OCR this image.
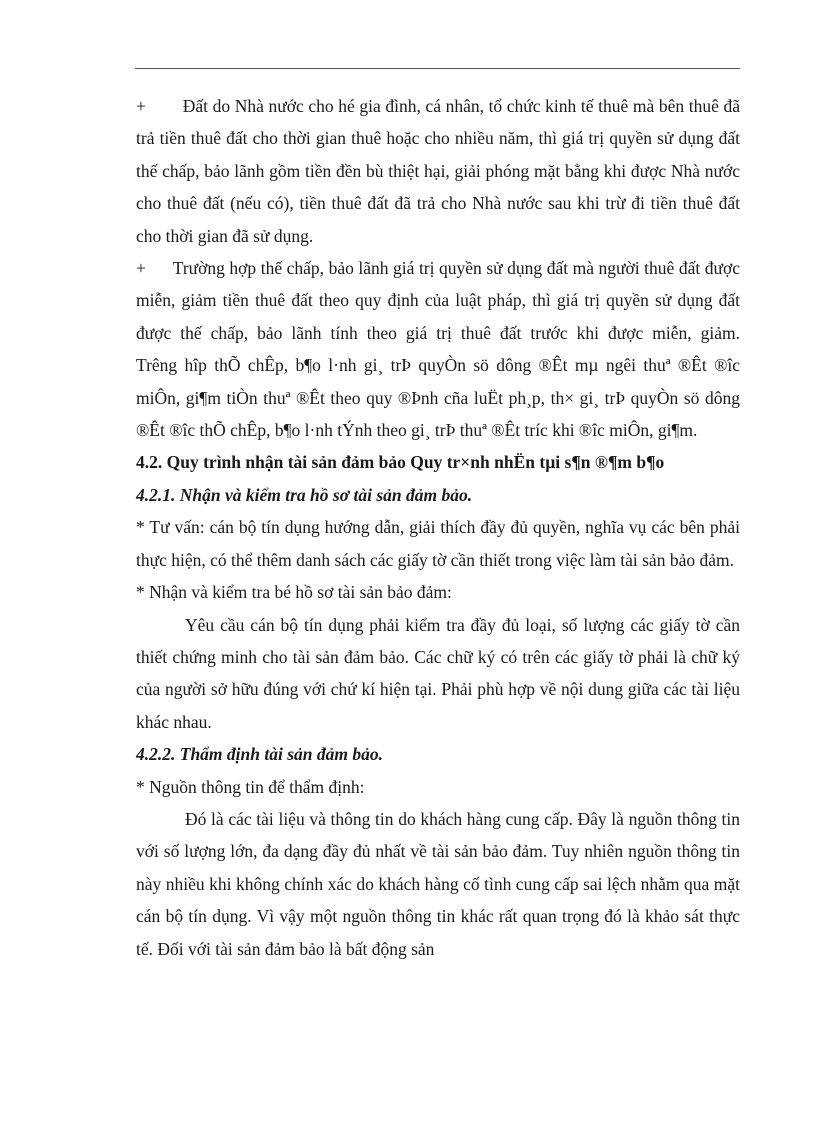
+        Đất do Nhà nước cho hé gia đình, cá nhân, tổ chức kinh tế thuê mà bên thuê đã trả tiền thuê đất cho thời gian thuê hoặc cho nhiều năm, thì giá trị quyền sử dụng đất thế chấp, bảo lãnh gồm tiền đền bù thiệt hại, giải phóng mặt bằng khi được Nhà nước cho thuê đất (nếu có), tiền thuê đất đã trả cho Nhà nước sau khi trừ đi tiền thuê đất cho thời gian đã sử dụng.

+      Trường hợp thế chấp, bảo lãnh giá trị quyền sử dụng đất mà người thuê đất được miễn, giảm tiền thuê đất theo quy định của luật pháp, thì giá trị quyền sử dụng đất được thế chấp, bảo lãnh tính theo giá trị thuê đất trước khi được miễn, giảm.        Trêng hîp thÕ chÊp, b¶o l·nh gi¸ trÞ quyÒn sö dông ®Êt mµ ngêi thuª ®Êt ®îc miÔn, gi¶m tiÒn thuª ®Êt theo quy ®Þnh cña luËt ph¸p, th× gi¸ trÞ quyÒn sö dông ®Êt ®îc thÕ chÊp, b¶o l·nh tÝnh theo gi¸ trÞ thuª ®Êt tríc khi ®îc miÔn, gi¶m.

4.2. Quy trình nhận tài sản đảm bảo Quy tr×nh nhËn tµi s¶n ®¶m b¶o

4.2.1. Nhận và kiểm tra hồ sơ tài sản đảm bảo.

* Tư vấn: cán bộ tín dụng hướng dẫn, giải thích đầy đủ quyền, nghĩa vụ các bên phải thực hiện, có thể thêm danh sách các giấy tờ cần thiết trong việc làm tài sản bảo đảm.

* Nhận và kiểm tra bé hồ sơ tài sản bảo đảm:

Yêu cầu cán bộ tín dụng phải kiểm tra đầy đủ loại, số lượng các giấy tờ cần thiết chứng minh cho tài sản đảm bảo. Các chữ ký có trên các giấy tờ phải là chữ ký của người sở hữu đúng với chứ kí hiện tại. Phải phù hợp về nội dung giữa các tài liệu khác nhau.

4.2.2. Thẩm định tài sản đảm bảo.

* Nguồn thông tin để thẩm định:

Đó là các tài liệu và thông tin do khách hàng cung cấp. Đây là nguồn thông tin với số lượng lớn, đa dạng đầy đủ nhất về tài sản bảo đảm. Tuy nhiên nguồn thông tin này nhiều khi không chính xác do khách hàng cố tình cung cấp sai lệch nhằm qua mặt cán bộ tín dụng. Vì vậy một nguồn thông tin khác rất quan trọng đó là khảo sát thực tế. Đối với tài sản đảm bảo là bất động sản
